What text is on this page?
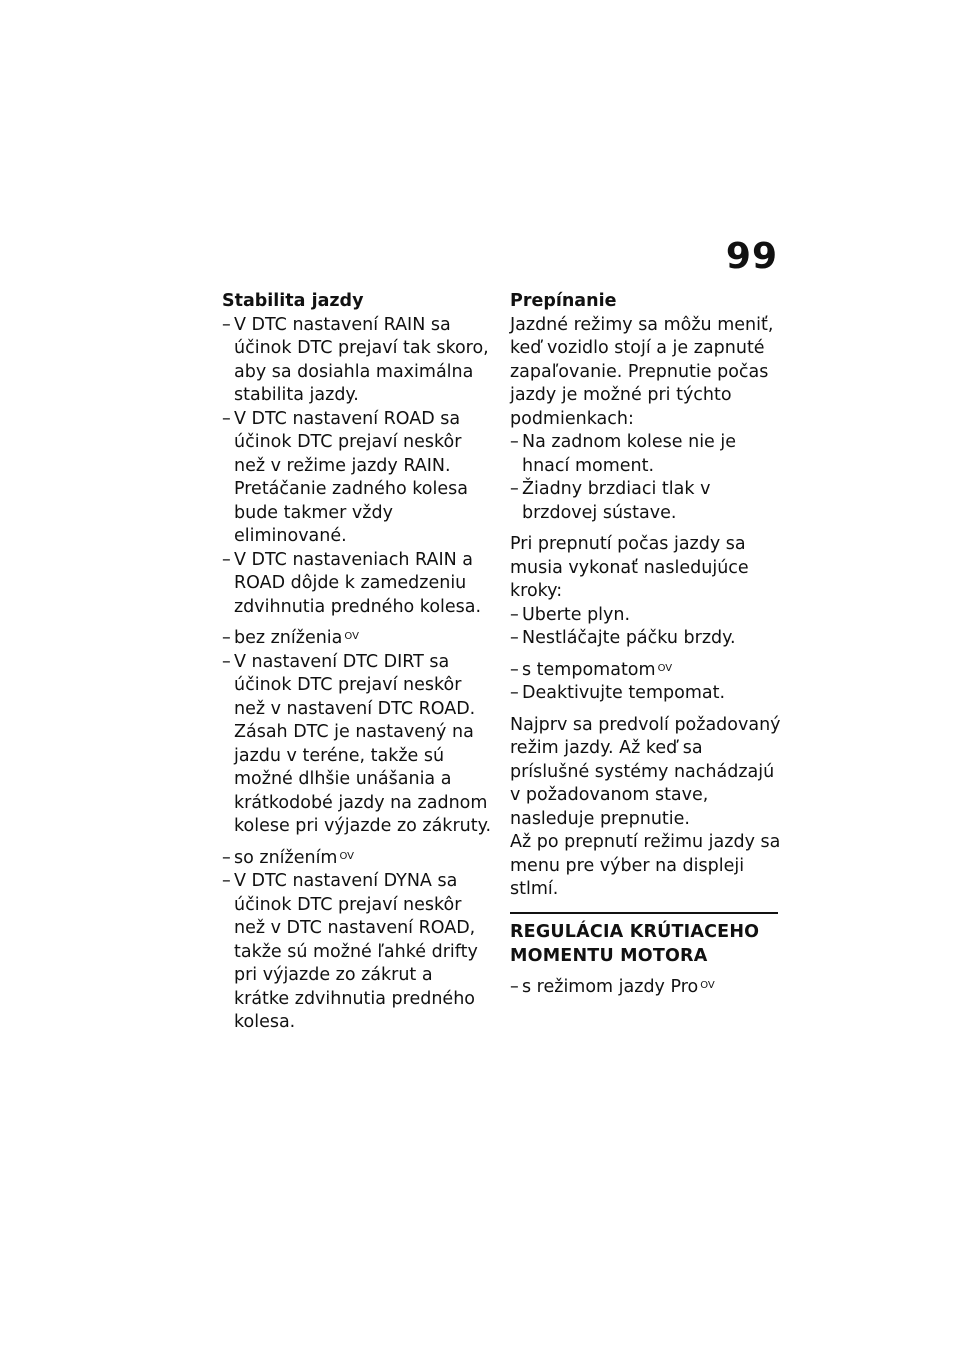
99

Stabilita jazdy

– V DTC nastavení RAIN sa účinok DTC prejaví tak skoro, aby sa dosiahla maximálna stabilita jazdy.

– V DTC nastavení ROAD sa účinok DTC prejaví neskôr než v režime jazdy RAIN. Pretáčanie zadného kolesa bude takmer vždy eliminované.

– V DTC nastaveniach RAIN a ROAD dôjde k zamedzeniu zdvihnutia predného kolesa.

– bez zníženia $^{OV}$

– V nastavení DTC DIRT sa účinok DTC prejaví neskôr než v nastavení DTC ROAD. Zásah DTC je nastavený na jazdu v teréne, takže sú možné dlhšie unášania a krátkodobé jazdy na zadnom kolese pri výjazde zo zákruty.

– so znížením $^{OV}$

– V DTC nastavení DYNA sa účinok DTC prejaví neskôr než v DTC nastavení ROAD, takže sú možné ľahké drifty pri výjazde zo zákrut a krátke zdvihnutia predného kolesa.

Prepínanie

Jazdné režimy sa môžu meniť, keď vozidlo stojí a je zapnuté zapaľovanie. Prepnutie počas jazdy je možné pri týchto podmienkach:

– Na zadnom kolese nie je hnací moment.

– Žiadny brzdiaci tlak v brzdovej sústave.

Pri prepnutí počas jazdy sa musia vykonať nasledujúce kroky:

– Uberte plyn.

– Nestláčajte páčku brzdy.

– s tempomatom $^{OV}$

– Deaktivujte tempomat.

Najprv sa predvolí požadovaný režim jazdy. Až keď sa príslušné systémy nachádzajú v požadovanom stave, nasleduje prepnutie.

Až po prepnutí režimu jazdy sa menu pre výber na displeji stlmí.

REGULÁCIA KRÚTIACEHO MOMENTU MOTORA

– s režimom jazdy Pro $^{OV}$
